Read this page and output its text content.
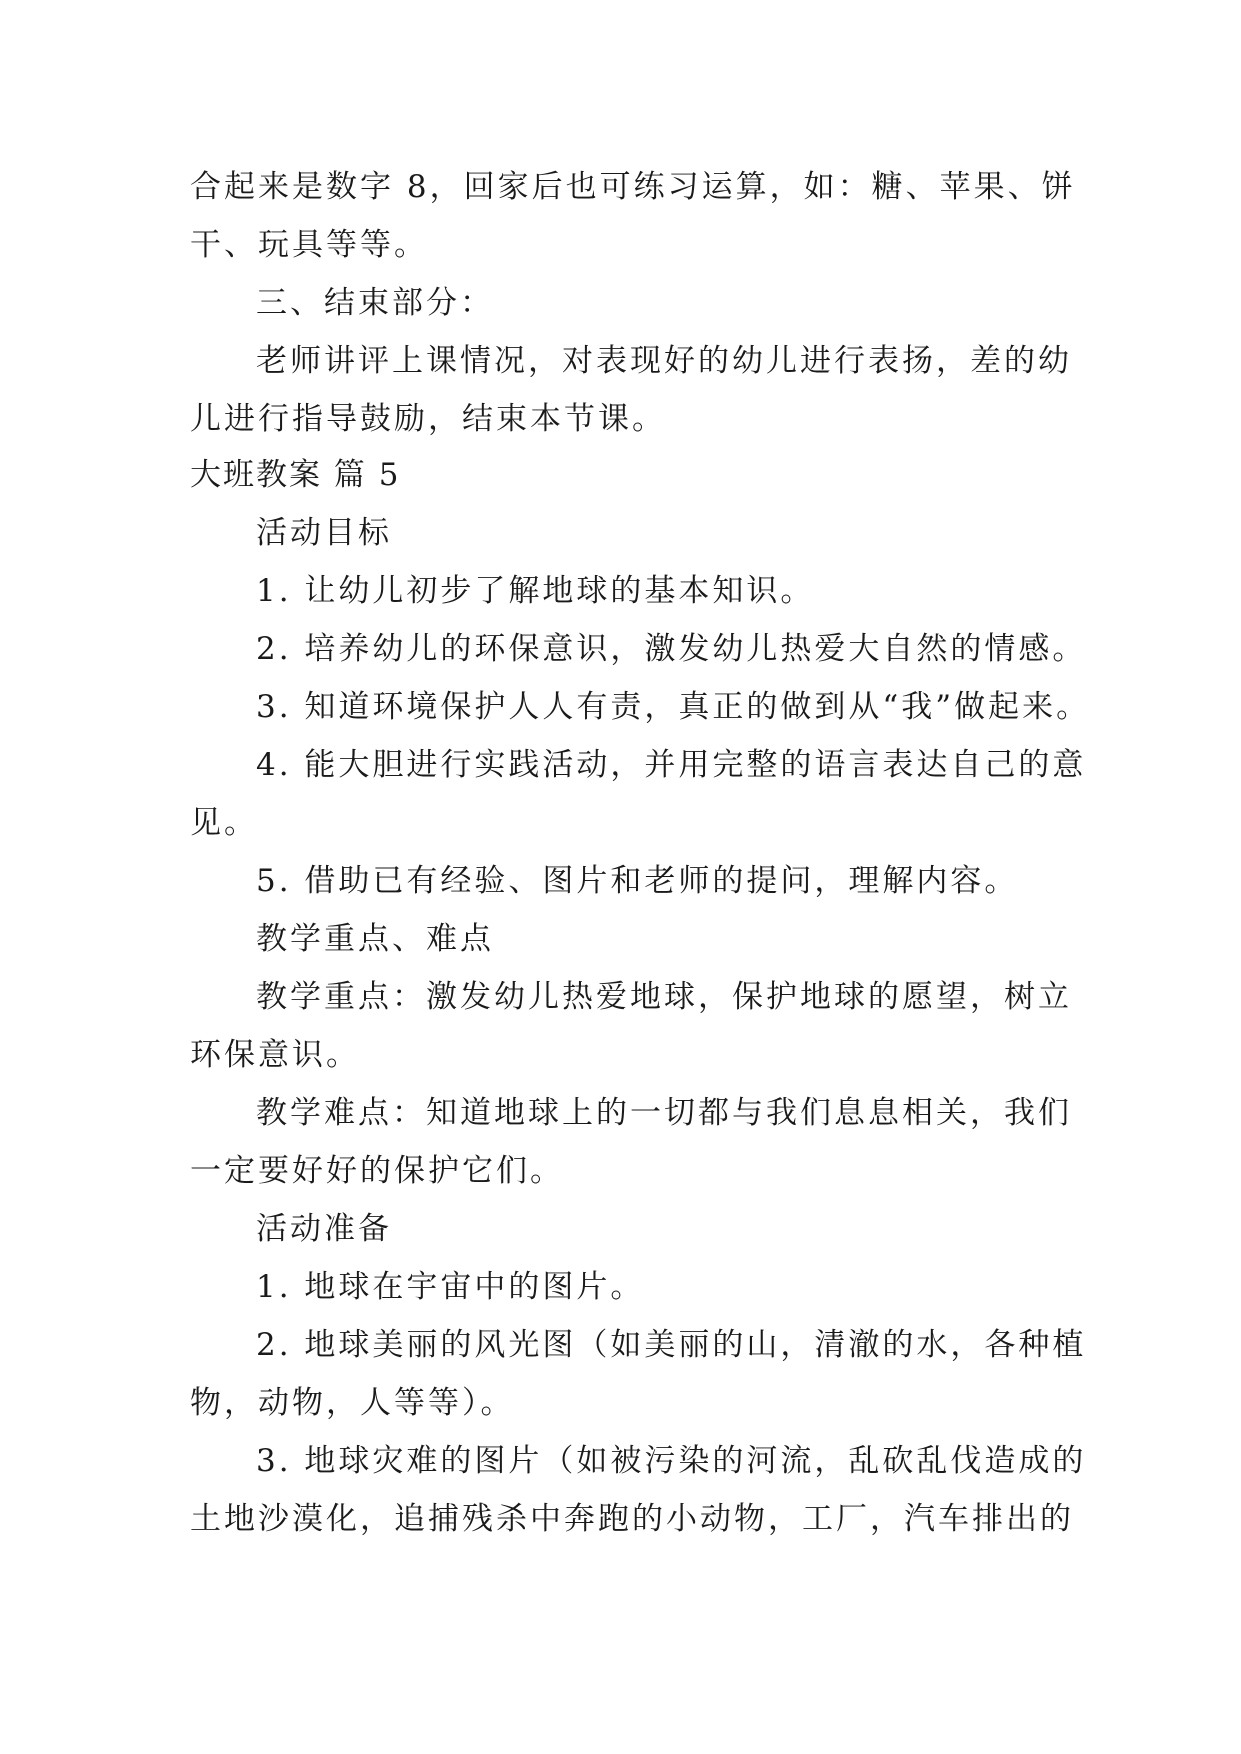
合起来是数字 8，回家后也可练习运算，如：糖、苹果、饼
干、玩具等等。
三、结束部分：
老师讲评上课情况，对表现好的幼儿进行表扬，差的幼
儿进行指导鼓励，结束本节课。
大班教案 篇 5
活动目标
1. 让幼儿初步了解地球的基本知识。
2. 培养幼儿的环保意识，激发幼儿热爱大自然的情感。
3. 知道环境保护人人有责，真正的做到从“我”做起来。
4. 能大胆进行实践活动，并用完整的语言表达自己的意
见。
5. 借助已有经验、图片和老师的提问，理解内容。
教学重点、难点
教学重点：激发幼儿热爱地球，保护地球的愿望，树立
环保意识。
教学难点：知道地球上的一切都与我们息息相关，我们
一定要好好的保护它们。
活动准备
1. 地球在宇宙中的图片。
2. 地球美丽的风光图（如美丽的山，清澈的水，各种植
物，动物，人等等）。
3. 地球灾难的图片（如被污染的河流，乱砍乱伐造成的
土地沙漠化，追捕残杀中奔跑的小动物，工厂，汽车排出的
